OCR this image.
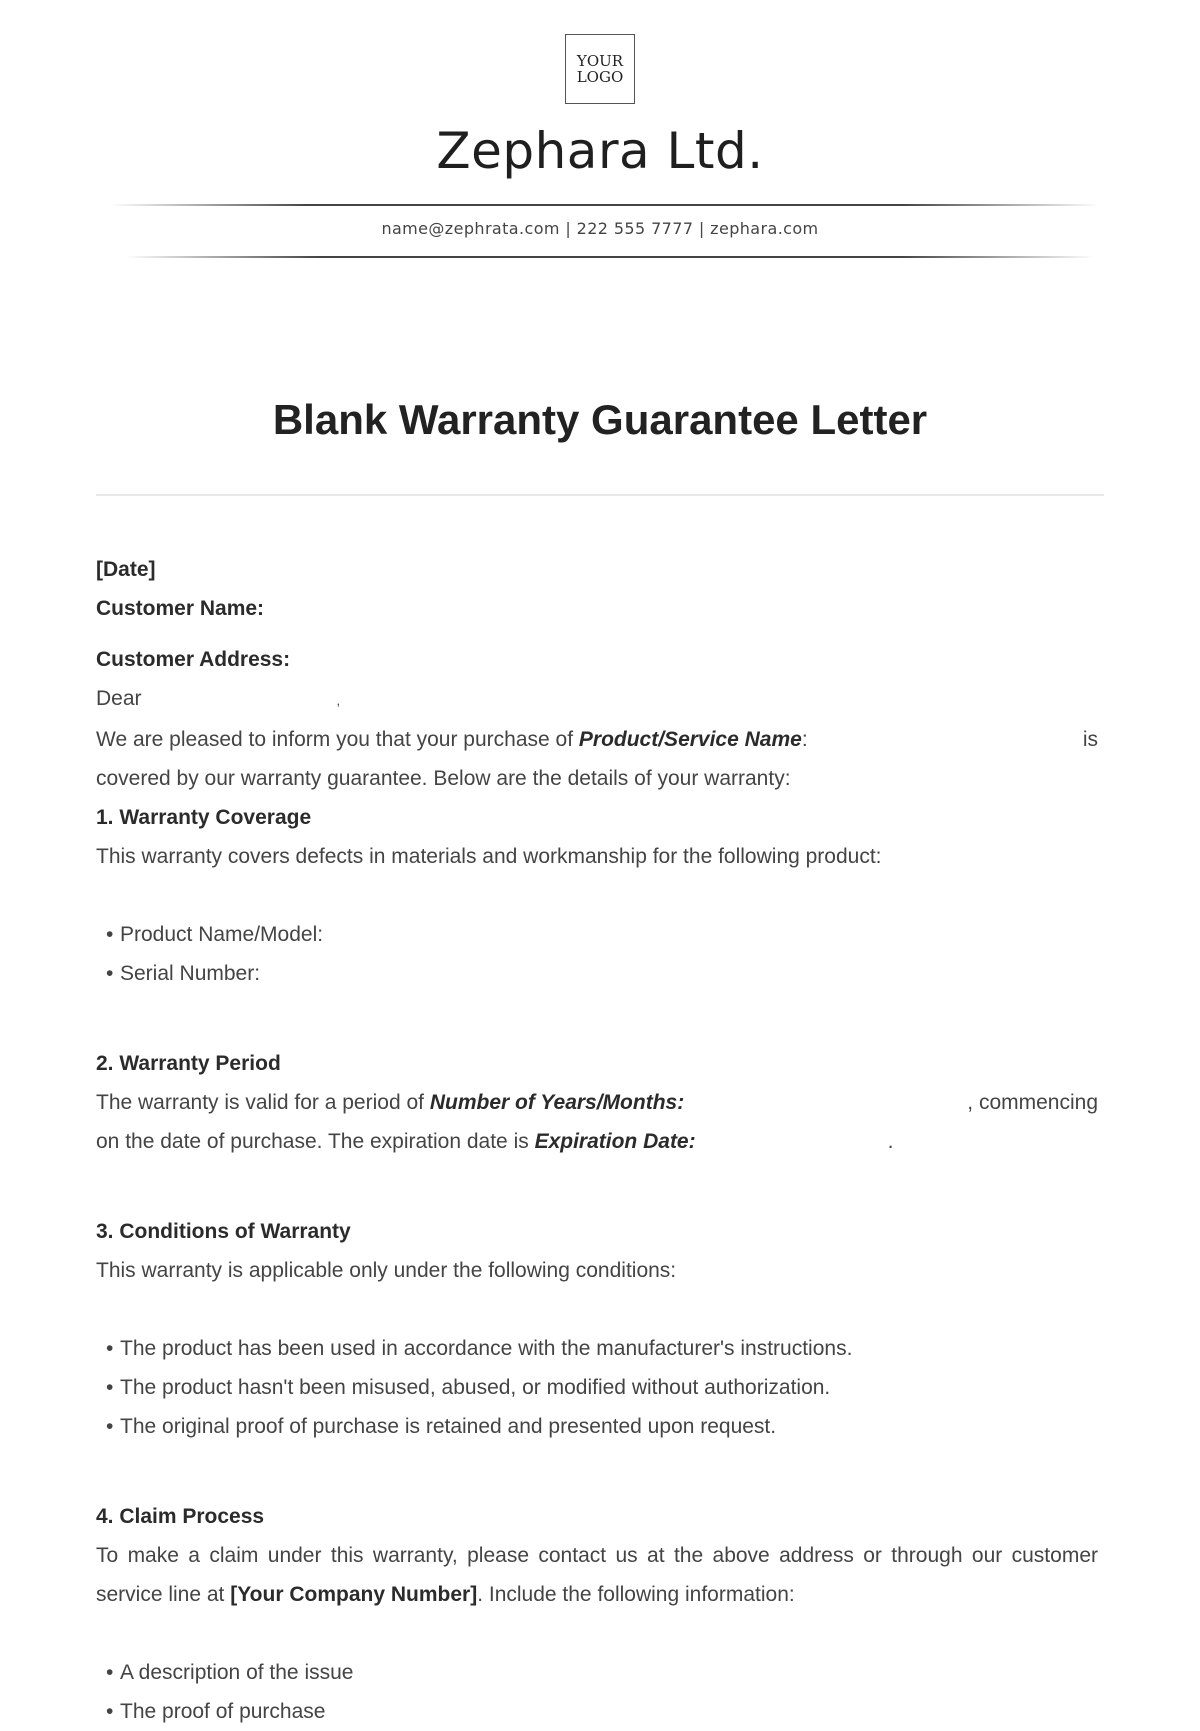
YOUR
LOGO
Zephara Ltd.
name@zephrata.com | 222 555 7777 | zephara.com
Blank Warranty Guarantee Letter
[Date]
Customer Name:
Customer Address:
Dear	,
We are pleased to inform you that your purchase of Product/Service Name:	is
covered by our warranty guarantee. Below are the details of your warranty:
1. Warranty Coverage
This warranty covers defects in materials and workmanship for the following product:
• Product Name/Model:
• Serial Number:
2. Warranty Period
The warranty is valid for a period of Number of Years/Months:	, commencing
on the date of purchase. The expiration date is Expiration Date:	.
3. Conditions of Warranty
This warranty is applicable only under the following conditions:
• The product has been used in accordance with the manufacturer's instructions.
• The product hasn't been misused, abused, or modified without authorization.
• The original proof of purchase is retained and presented upon request.
4. Claim Process
To make a claim under this warranty, please contact us at the above address or through our customer service line at [Your Company Number]. Include the following information:
• A description of the issue
• The proof of purchase
